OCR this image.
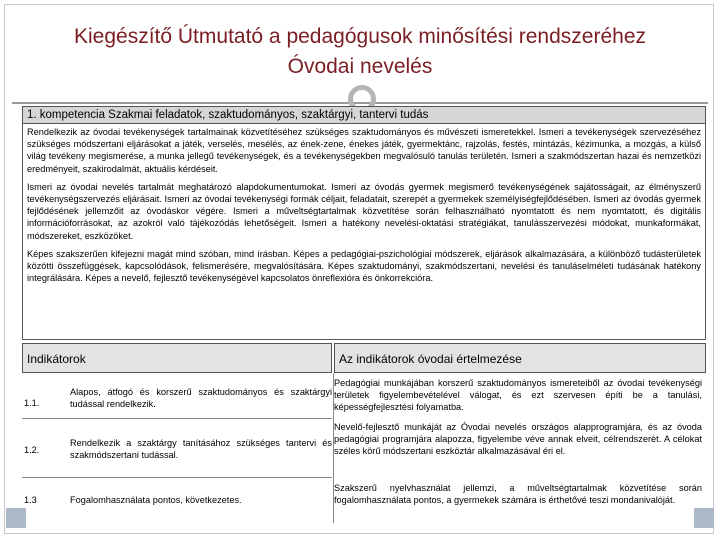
Kiegészítő Útmutató a pedagógusok minősítési rendszeréhez
Óvodai nevelés
1. kompetencia Szakmai feladatok, szaktudományos, szaktárgyi, tantervi tudás

Rendelkezik az óvodai tevékenységek tartalmainak közvetítéséhez szükséges szaktudományos és művészeti ismeretekkel. Ismeri a tevékenységek szervezéséhez szükséges módszertani eljárásokat a játék, verselés, mesélés, az ének-zene, énekes játék, gyermektánc, rajzolás, festés, mintázás, kézimunka, a mozgás, a külső világ tevékeny megismerése, a munka jellegű tevékenységek, és a tevékenységekben megvalósuló tanulás területén. Ismeri a szakmódszertan hazai és nemzetközi eredményeit, szakirodalmát, aktuális kérdéseit.

Ismeri az óvodai nevelés tartalmát meghatározó alapdokumentumokat. Ismeri az óvodás gyermek megismerő tevékenységének sajátosságait, az élményszerű tevékenységszervezés eljárásait. Ismeri az óvodai tevékenységi formák céljait, feladatait, szerepét a gyermekek személyiségfejlődésében. Ismeri az óvodás gyermek fejlődésének jellemzőit az óvodáskor végére. Ismeri a műveltségtartalmak közvetítése során felhasználható nyomtatott és nem nyomtatott, és digitális információforrásokat, az azokról való tájékozódás lehetőségeit. Ismeri a hatékony nevelési-oktatási stratégiákat, tanulásszervezési módokat, munkaformákat, módszereket, eszközöket.

Képes szakszerűen kifejezni magát mind szóban, mind írásban. Képes a pedagógiai-pszichológiai módszerek, eljárások alkalmazására, a különböző tudásterületek közötti összefüggések, kapcsolódások, felismerésére, megvalósítására. Képes szaktudományi, szakmódszertani, nevelési és tanuláselméleti tudásának hatékony integrálására. Képes a nevelő, fejlesztő tevékenységével kapcsolatos önreflexióra és önkorrekcióra.

Indikátorok	Az indikátorok óvodai értelmezése
1.1.
Alapos, átfogó és korszerű szaktudományos és szaktárgyi tudással rendelkezik.
Pedagógiai munkájában korszerű szaktudományos ismereteiből az óvodai tevékenységi területek figyelembevételével válogat, és ezt szervesen építi be a tanulási, képességfejlesztési folyamatba.
1.2.
Rendelkezik a szaktárgy tanításához szükséges tantervi és szakmódszertani tudással.
Nevelő-fejlesztő munkáját az Óvodai nevelés országos alapprogramjára, és az óvoda pedagógiai programjára alapozza, figyelembe véve annak elveit, célrendszerét. A célokat széles körű módszertani eszköztár alkalmazásával éri el.
1.3	Fogalomhasználata pontos, következetes.
Szakszerű nyelvhasználat jellemzi, a műveltségtartalmak közvetítése során fogalomhasználata pontos, a gyermekek számára is érthetővé teszi mondanivalóját.
